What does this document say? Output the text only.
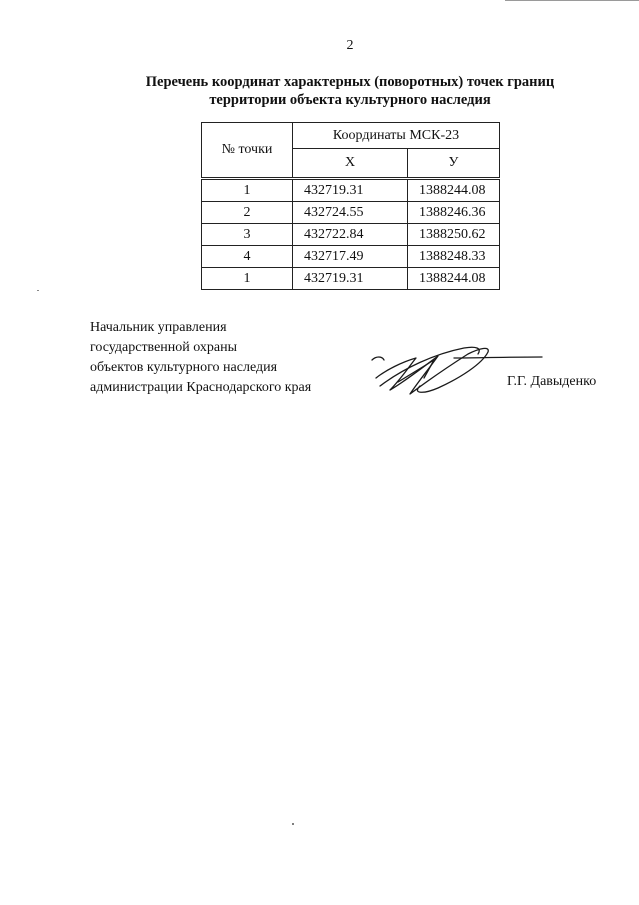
2
Перечень координат характерных (поворотных) точек границ
территории объекта культурного наследия
№ точки	Координаты МСК-23	
	X	У
1	432719.31	1388244.08
2	432724.55	1388246.36
3	432722.84	1388250.62
4	432717.49	1388248.33
1	432719.31	1388244.08
Начальник управления
государственной охраны
объектов культурного наследия
администрации Краснодарского края	Г.Г. Давыденко
